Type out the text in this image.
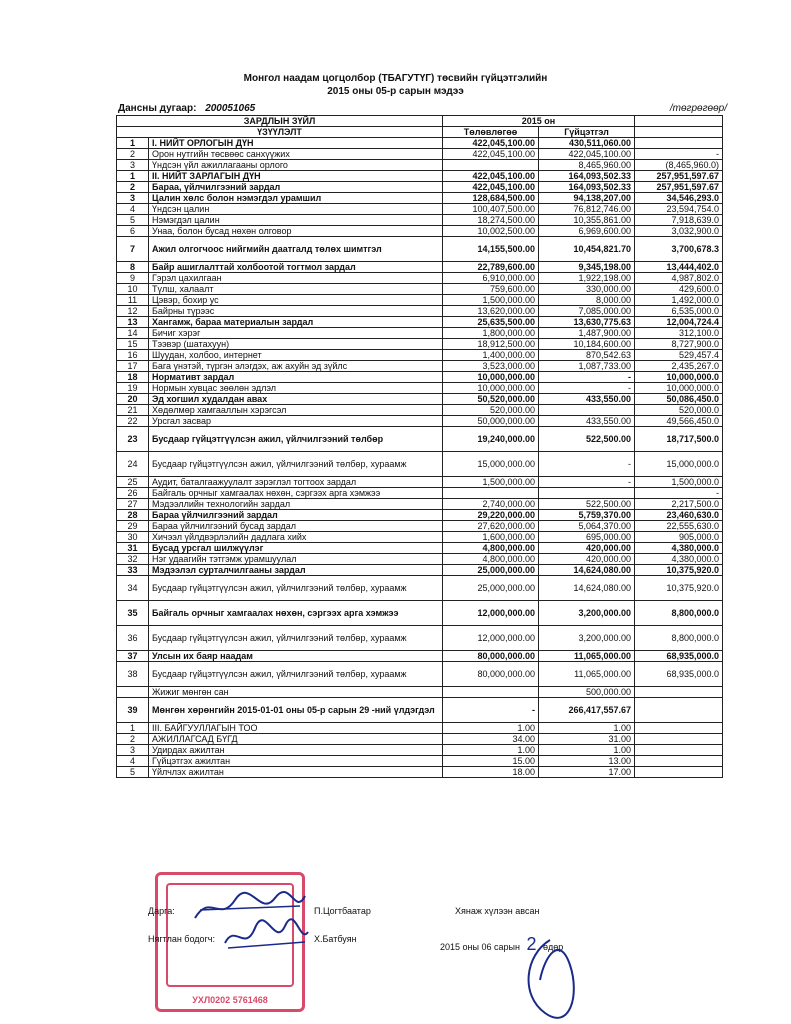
Монгол наадам цогцолбор (ТБАГУТҮГ) төсвийн гүйцэтгэлийн
2015 оны 05-р сарын мэдээ
Дансны дугаар: 200051065	/төгрөгөөр/
ЗАРДЛЫН ЗҮЙЛ		2015 он		
ҮЗҮҮЛЭЛТ		Төлөвлөгөө	Гүйцэтгэл	
1	I. НИЙТ ОРЛОГЫН ДҮН	422,045,100.00	430,511,060.00	
2	Орон нутгийн төсвөөс санхүүжих	422,045,100.00	422,045,100.00	-
3	Үндсэн үйл ажиллагааны орлого		8,465,960.00	(8,465,960.0)
1	II. НИЙТ ЗАРЛАГЫН ДҮН	422,045,100.00	164,093,502.33	257,951,597.67
2	Бараа, үйлчилгээний зардал	422,045,100.00	164,093,502.33	257,951,597.67
3	Цалин хөлс болон нэмэгдэл урамшил	128,684,500.00	94,138,207.00	34,546,293.0
4	Үндсэн цалин	100,407,500.00	76,812,746.00	23,594,754.0
5	Нэмэгдэл цалин	18,274,500.00	10,355,861.00	7,918,639.0
6	Унаа, болон бусад нөхөн олговор	10,002,500.00	6,969,600.00	3,032,900.0
7	Ажил олгогчоос нийгмийн даатгалд төлөх шимтгэл	14,155,500.00	10,454,821.70	3,700,678.3
8	Байр ашиглалттай холбоотой тогтмол зардал	22,789,600.00	9,345,198.00	13,444,402.0
9	Гэрэл цахилгаан	6,910,000.00	1,922,198.00	4,987,802.0
10	Түлш, халаалт	759,600.00	330,000.00	429,600.0
11	Цэвэр, бохир ус	1,500,000.00	8,000.00	1,492,000.0
12	Байрны түрээс	13,620,000.00	7,085,000.00	6,535,000.0
13	Хангамж, бараа материалын зардал	25,635,500.00	13,630,775.63	12,004,724.4
14	Бичиг хэрэг	1,800,000.00	1,487,900.00	312,100.0
15	Тээвэр (шатахуун)	18,912,500.00	10,184,600.00	8,727,900.0
16	Шуудан, холбоо, интернет	1,400,000.00	870,542.63	529,457.4
17	Бага үнэтэй, түргэн элэгдэх, аж ахуйн эд зүйлс	3,523,000.00	1,087,733.00	2,435,267.0
18	Нормативт зардал	10,000,000.00	-	10,000,000.0
19	Нормын хувцас зөөлөн эдлэл	10,000,000.00	-	10,000,000.0
20	Эд хогшил худалдан авах	50,520,000.00	433,550.00	50,086,450.0
21	Хөдөлмөр хамгааллын хэрэгсэл	520,000.00		520,000.0
22	Урсгал засвар	50,000,000.00	433,550.00	49,566,450.0
23	Бусдаар гүйцэтгүүлсэн ажил, үйлчилгээний төлбөр	19,240,000.00	522,500.00	18,717,500.0
24	Бусдаар гүйцэтгүүлсэн ажил, үйлчилгээний төлбөр, хураамж	15,000,000.00	-	15,000,000.0
25	Аудит, баталгаажуулалт зэрэглэл тогтоох зардал	1,500,000.00	-	1,500,000.0
26	Байгаль орчныг хамгаалах нөхөн, сэргээх арга хэмжээ			-
27	Мэдээллийн технологийн зардал	2,740,000.00	522,500.00	2,217,500.0
28	Бараа үйлчилгээний зардал	29,220,000.00	5,759,370.00	23,460,630.0
29	Бараа үйлчилгээний бусад зардал	27,620,000.00	5,064,370.00	22,555,630.0
30	Хичээл үйлдвэрлэлийн дадлага хийх	1,600,000.00	695,000.00	905,000.0
31	Бусад урсгал шилжүүлэг	4,800,000.00	420,000.00	4,380,000.0
32	Нэг удаагийн тэтгэмж урамшуулал	4,800,000.00	420,000.00	4,380,000.0
33	Мэдээлэл сурталчилгааны зардал	25,000,000.00	14,624,080.00	10,375,920.0
34	Бусдаар гүйцэтгүүлсэн ажил, үйлчилгээний төлбөр, хураамж	25,000,000.00	14,624,080.00	10,375,920.0
35	Байгаль орчныг хамгаалах нөхөн, сэргээх арга хэмжээ	12,000,000.00	3,200,000.00	8,800,000.0
36	Бусдаар гүйцэтгүүлсэн ажил, үйлчилгээний төлбөр, хураамж	12,000,000.00	3,200,000.00	8,800,000.0
37	Улсын их баяр наадам	80,000,000.00	11,065,000.00	68,935,000.0
38	Бусдаар гүйцэтгүүлсэн ажил, үйлчилгээний төлбөр, хураамж	80,000,000.00	11,065,000.00	68,935,000.0
	Жижиг мөнгөн сан		500,000.00	
39	Мөнгөн хөрөнгийн 2015-01-01 оны 05-р сарын 29 -ний үлдэгдэл	-	266,417,557.67	
1	III. БАЙГУУЛЛАГЫН ТОО	1.00	1.00	
2	АЖИЛЛАГСАД БҮГД	34.00	31.00	
3	Удирдах ажилтан	1.00	1.00	
4	Гүйцэтгэх ажилтан	15.00	13.00	
5	Үйлчлэх ажилтан	18.00	17.00	
УХЛ0202 5761468
Дарга:	П.Цогтбаатар
Нягтлан бодогч:	Х.Батбуян
Хянаж хүлээн авсан
2015 оны 06 сарын 2 өдөр
